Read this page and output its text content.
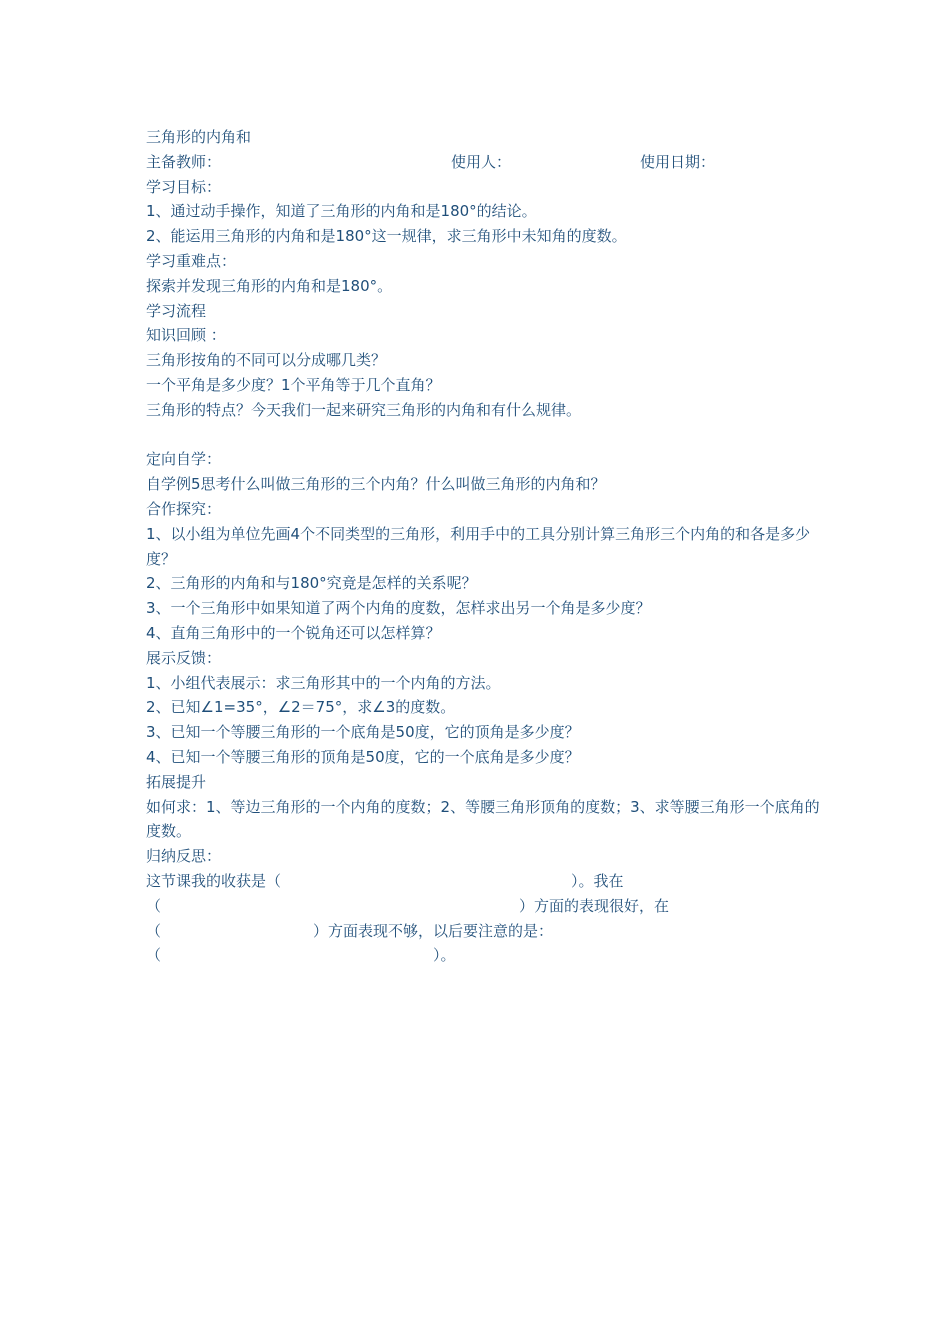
三角形的内角和
主备教师：	使用人：	使用日期：
学习目标：
1、通过动手操作，知道了三角形的内角和是180°的结论。
2、能运用三角形的内角和是180°这一规律，求三角形中未知角的度数。
学习重难点：
探索并发现三角形的内角和是180°。
学习流程
知识回顾 ：
三角形按角的不同可以分成哪几类？
一个平角是多少度？1个平角等于几个直角？
三角形的特点？今天我们一起来研究三角形的内角和有什么规律。
定向自学：
自学例5思考什么叫做三角形的三个内角？什么叫做三角形的内角和？
合作探究：
1、以小组为单位先画4个不同类型的三角形，利用手中的工具分别计算三角形三个内角的和各是多少度？
2、三角形的内角和与180°究竟是怎样的关系呢？
3、一个三角形中如果知道了两个内角的度数，怎样求出另一个角是多少度？
4、直角三角形中的一个锐角还可以怎样算？
展示反馈：
1、小组代表展示：求三角形其中的一个内角的方法。
2、已知∠1=35°，∠2＝75°，求∠3的度数。
3、已知一个等腰三角形的一个底角是50度，它的顶角是多少度？
4、已知一个等腰三角形的顶角是50度，它的一个底角是多少度？
拓展提升
如何求：1、等边三角形的一个内角的度数；2、等腰三角形顶角的度数；3、求等腰三角形一个底角的度数。
归纳反思：
这节课我的收获是（	）。我在
（	）方面的表现很好，在
（	）方面表现不够，以后要注意的是：
（	）。
